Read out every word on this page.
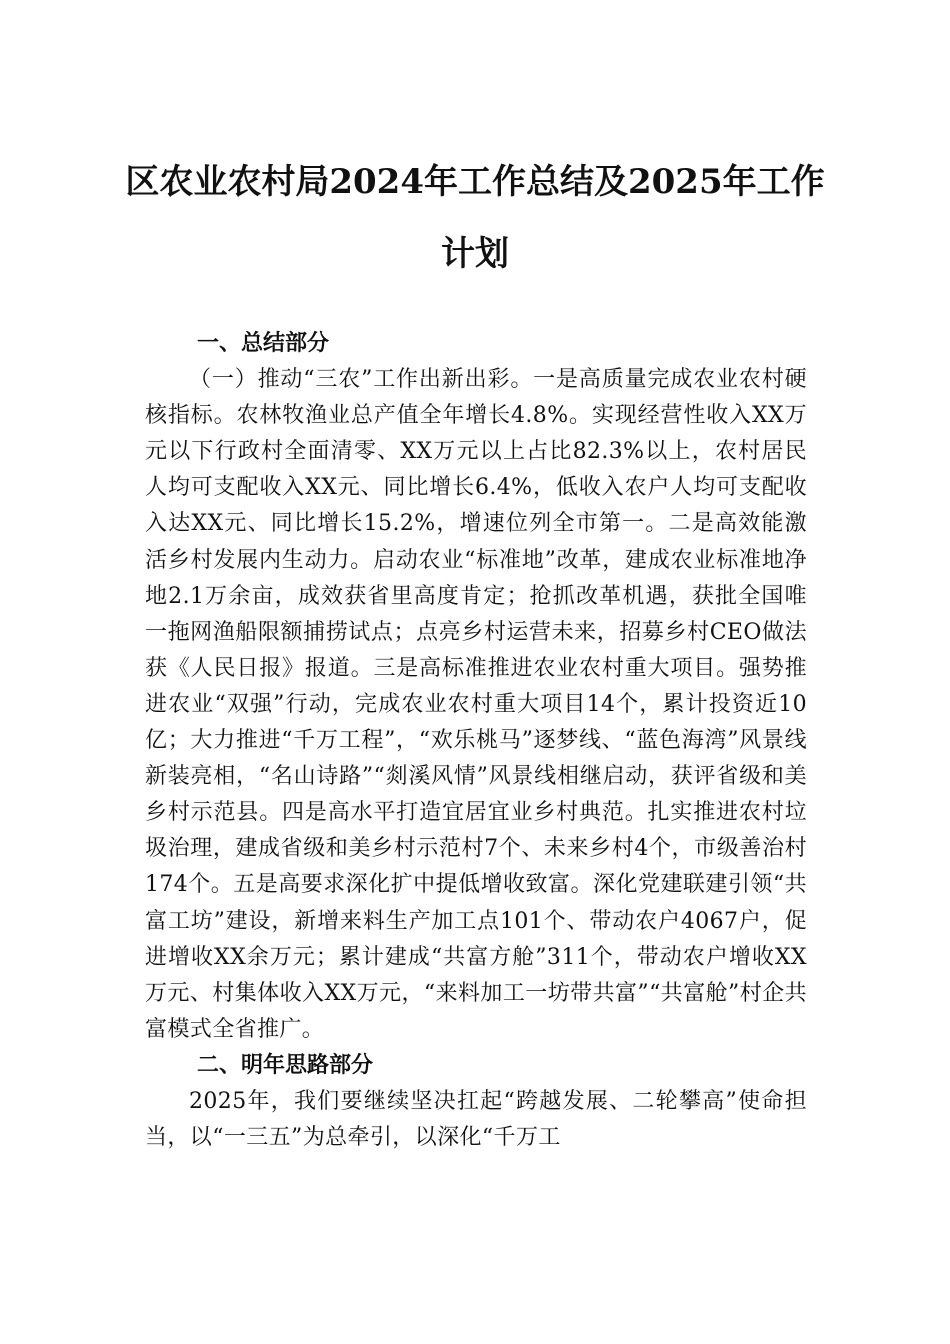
区农业农村局2024年工作总结及2025年工作计划

一、总结部分

（一）推动“三农”工作出新出彩。一是高质量完成农业农村硬核指标。农林牧渔业总产值全年增长4.8%。实现经营性收入XX万元以下行政村全面清零、XX万元以上占比82.3%以上，农村居民人均可支配收入XX元、同比增长6.4%，低收入农户人均可支配收入达XX元、同比增长15.2%，增速位列全市第一。二是高效能激活乡村发展内生动力。启动农业“标准地”改革，建成农业标准地净地2.1万余亩，成效获省里高度肯定；抢抓改革机遇，获批全国唯一拖网渔船限额捕捞试点；点亮乡村运营未来，招募乡村CEO做法获《人民日报》报道。三是高标准推进农业农村重大项目。强势推进农业“双强”行动，完成农业农村重大项目14个，累计投资近10亿；大力推进“千万工程”，“欢乐桃马”逐梦线、“蓝色海湾”风景线新装亮相，“名山诗路”“剡溪风情”风景线相继启动，获评省级和美乡村示范县。四是高水平打造宜居宜业乡村典范。扎实推进农村垃圾治理，建成省级和美乡村示范村7个、未来乡村4个，市级善治村174个。五是高要求深化扩中提低增收致富。深化党建联建引领“共富工坊”建设，新增来料生产加工点101个、带动农户4067户，促进增收XX余万元；累计建成“共富方舱”311个，带动农户增收XX万元、村集体收入XX万元，“来料加工一坊带共富”“共富舱”村企共富模式全省推广。

二、明年思路部分

2025年，我们要继续坚决扛起“跨越发展、二轮攀高”使命担当，以“一三五”为总牵引，以深化“千万工
